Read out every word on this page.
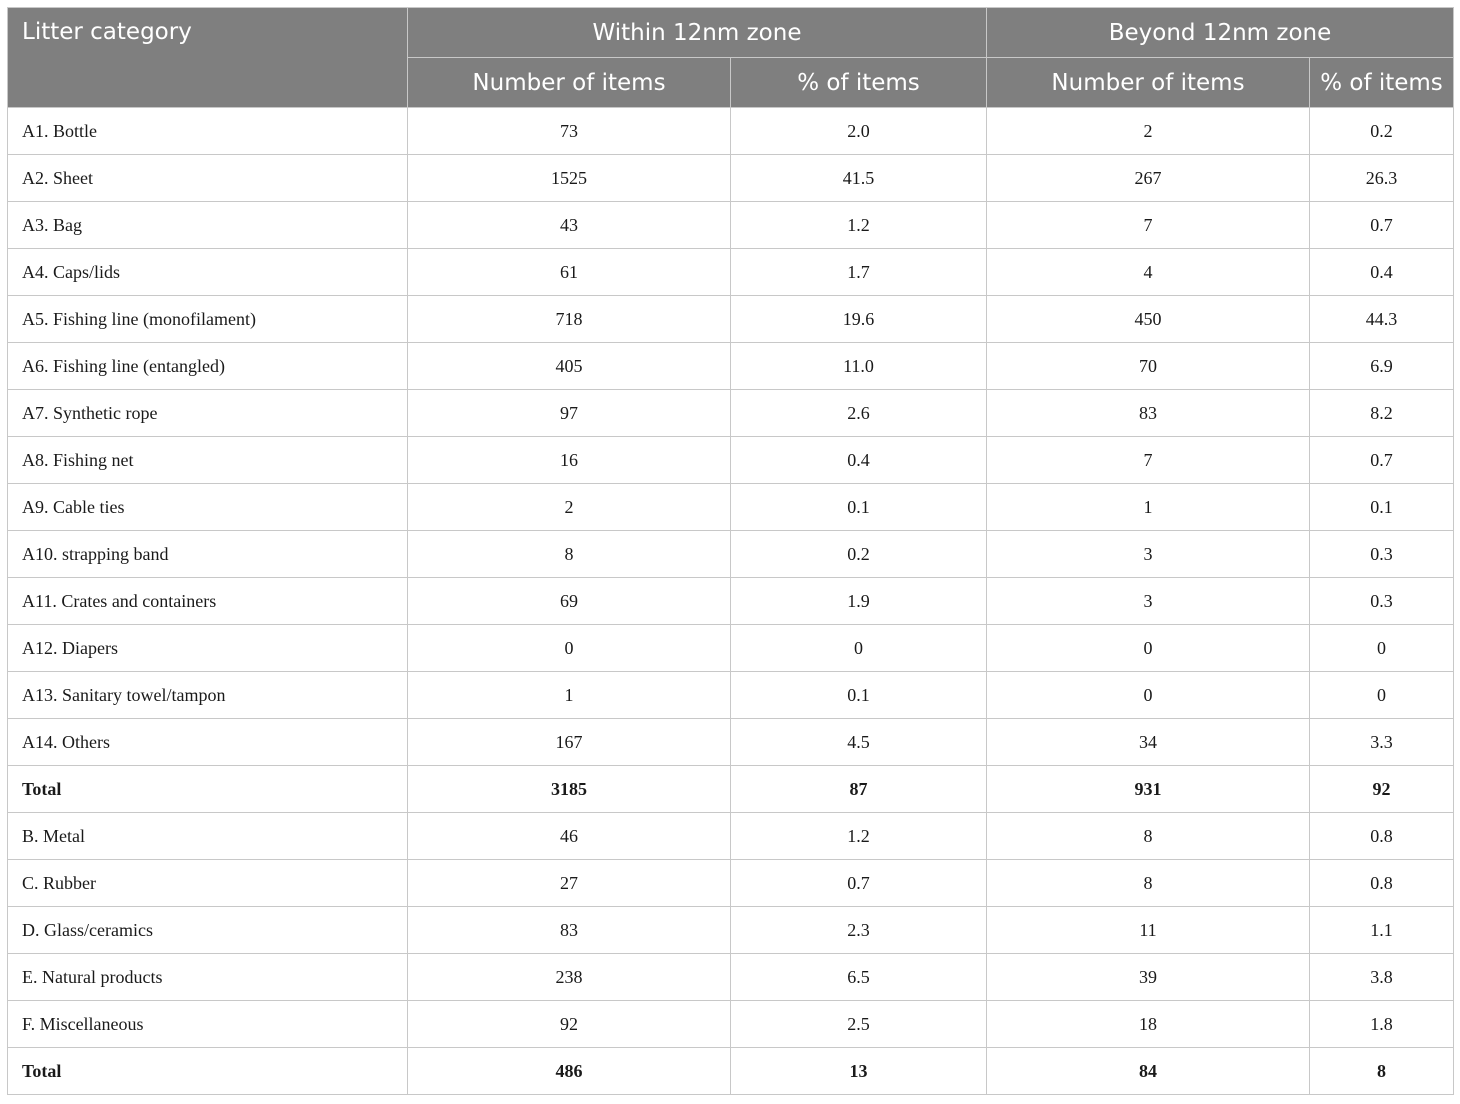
Litter category	Within 12nm zone		Beyond 12nm zone	
	Number of items	% of items	Number of items	% of items
A1. Bottle	73	2.0	2	0.2
A2. Sheet	1525	41.5	267	26.3
A3. Bag	43	1.2	7	0.7
A4. Caps/lids	61	1.7	4	0.4
A5. Fishing line (monofilament)	718	19.6	450	44.3
A6. Fishing line (entangled)	405	11.0	70	6.9
A7. Synthetic rope	97	2.6	83	8.2
A8. Fishing net	16	0.4	7	0.7
A9. Cable ties	2	0.1	1	0.1
A10. strapping band	8	0.2	3	0.3
A11. Crates and containers	69	1.9	3	0.3
A12. Diapers	0	0	0	0
A13. Sanitary towel/tampon	1	0.1	0	0
A14. Others	167	4.5	34	3.3
Total	3185	87	931	92
B. Metal	46	1.2	8	0.8
C. Rubber	27	0.7	8	0.8
D. Glass/ceramics	83	2.3	11	1.1
E. Natural products	238	6.5	39	3.8
F. Miscellaneous	92	2.5	18	1.8
Total	486	13	84	8
